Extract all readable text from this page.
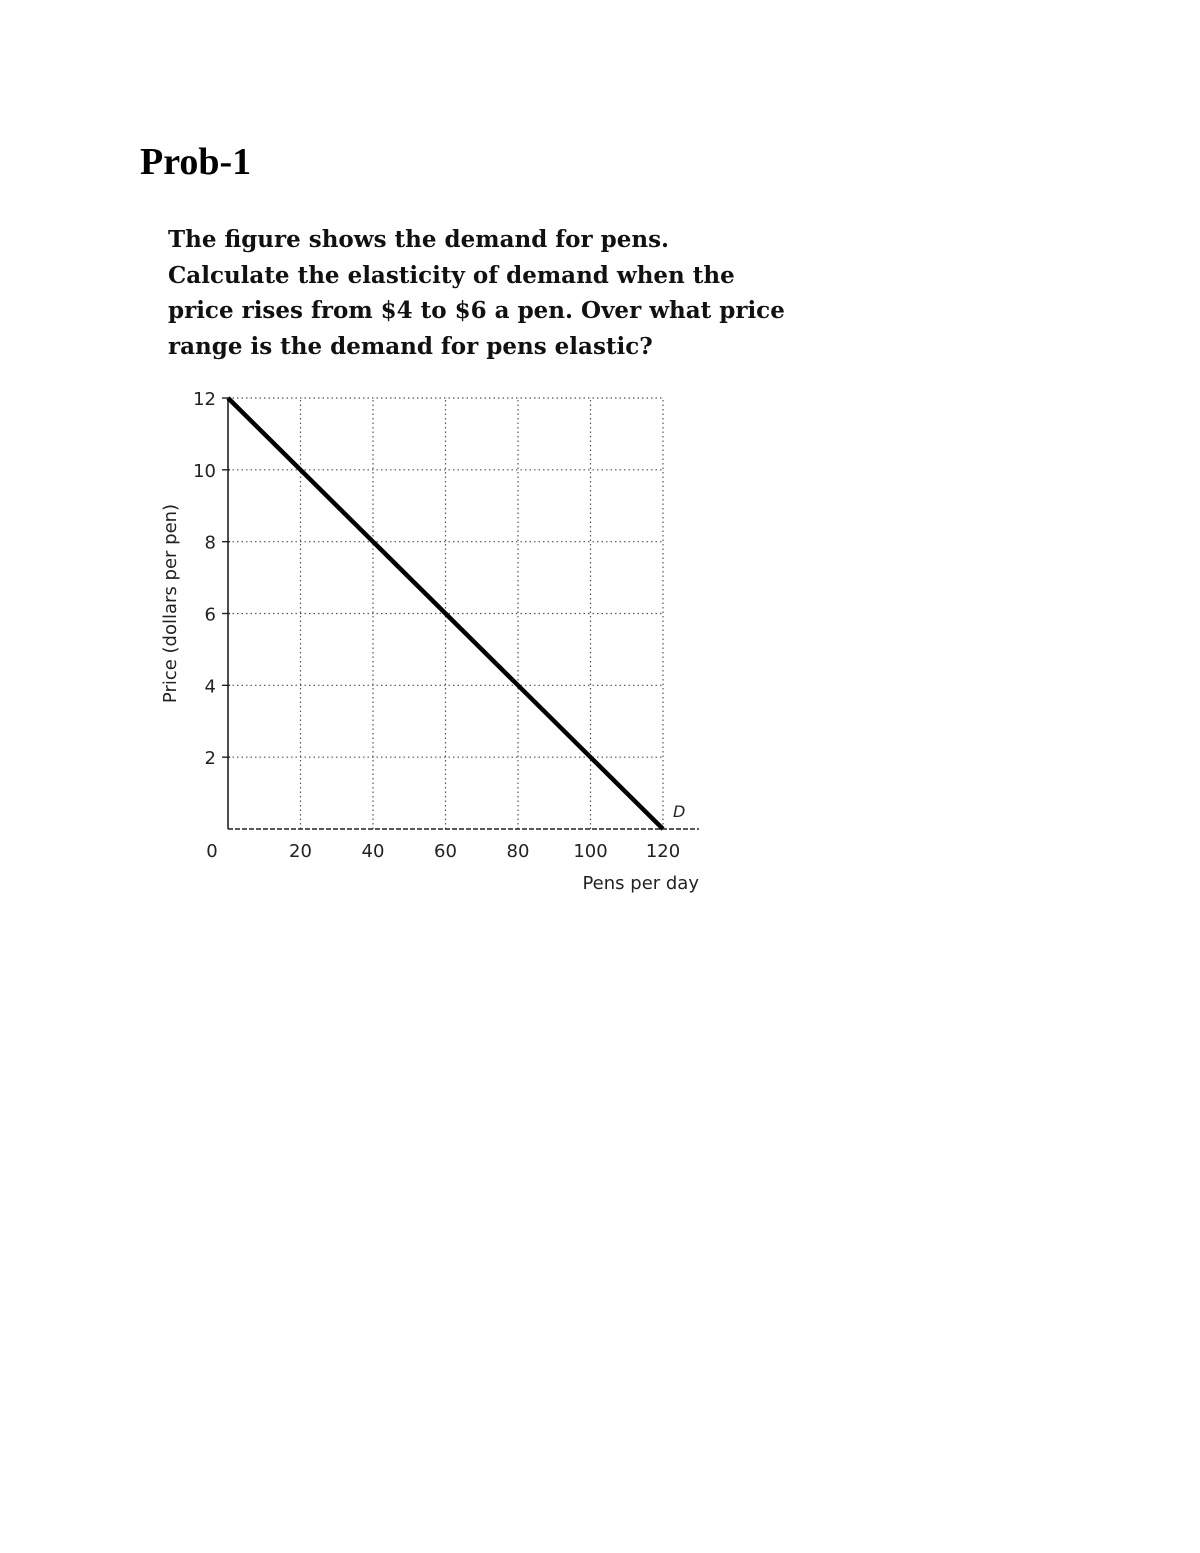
Prob-1

The figure shows the demand for pens. Calculate the elasticity of demand when the price rises from $4 to $6 a pen. Over what price range is the demand for pens elastic?

0	20	40	60	80 100 120
2
4
6
8
10
12
D
Price (dollars per pen)
Pens per day
